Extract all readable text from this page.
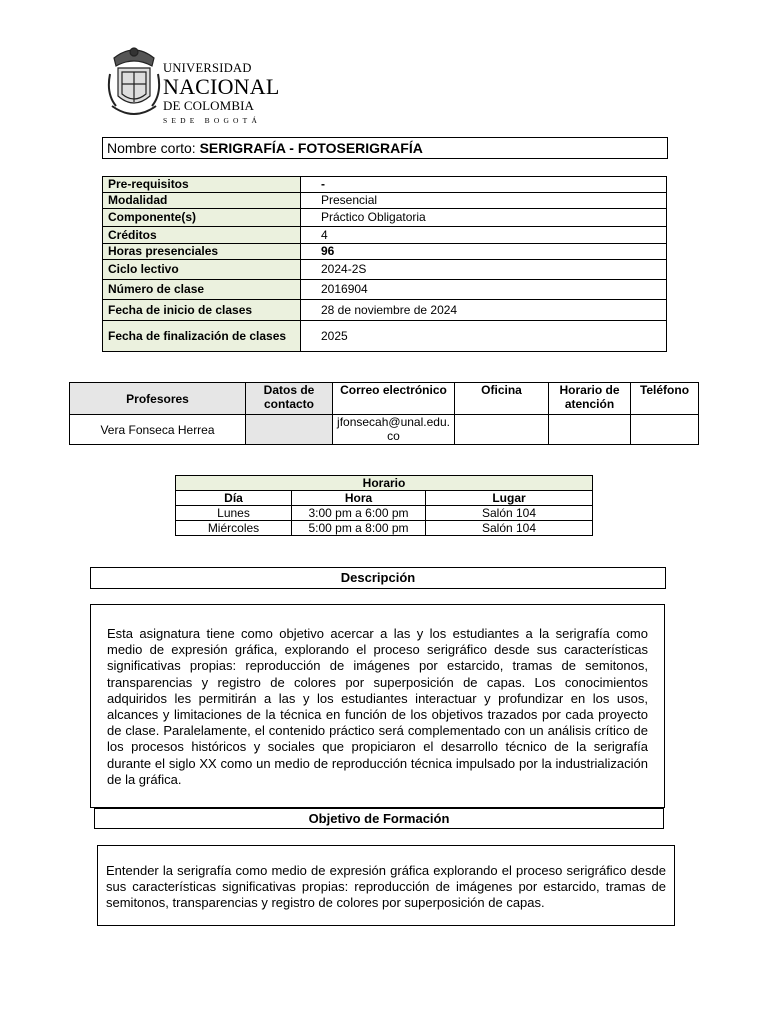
UNIVERSIDAD
NACIONAL
DE COLOMBIA
SEDE BOGOTÁ
Nombre corto: SERIGRAFÍA - FOTOSERIGRAFÍA
Pre-requisitos	-
Modalidad	Presencial
Componente(s)	Práctico Obligatoria
Créditos	4
Horas presenciales	96
Ciclo lectivo	2024-2S
Número de clase	2016904
Fecha de inicio de clases	28 de noviembre de 2024
Fecha de finalización de clases	2025
Profesores	Datos de contacto	Correo electrónico	Oficina	Horario de atención	Teléfono
Vera Fonseca Herrea		jfonsecah@unal.edu.co			
Horario		
Día	Hora	Lugar
Lunes	3:00 pm a 6:00 pm	Salón 104
Miércoles	5:00 pm a 8:00 pm	Salón 104
Descripción
Esta asignatura tiene como objetivo acercar a las y los estudiantes a la serigrafía como medio de expresión gráfica, explorando el proceso serigráfico desde sus características significativas propias: reproducción de imágenes por estarcido, tramas de semitonos, transparencias y registro de colores por superposición de capas. Los conocimientos adquiridos les permitirán a las y los estudiantes interactuar y profundizar en los usos, alcances y limitaciones de la técnica en función de los objetivos trazados por cada proyecto de clase. Paralelamente, el contenido práctico será complementado con un análisis crítico de los procesos históricos y sociales que propiciaron el desarrollo técnico de la serigrafía durante el siglo XX como un medio de reproducción técnica impulsado por la industrialización de la gráfica.
Objetivo de Formación
Entender la serigrafía como medio de expresión gráfica explorando el proceso serigráfico desde sus características significativas propias: reproducción de imágenes por estarcido, tramas de semitonos, transparencias y registro de colores por superposición de capas.
